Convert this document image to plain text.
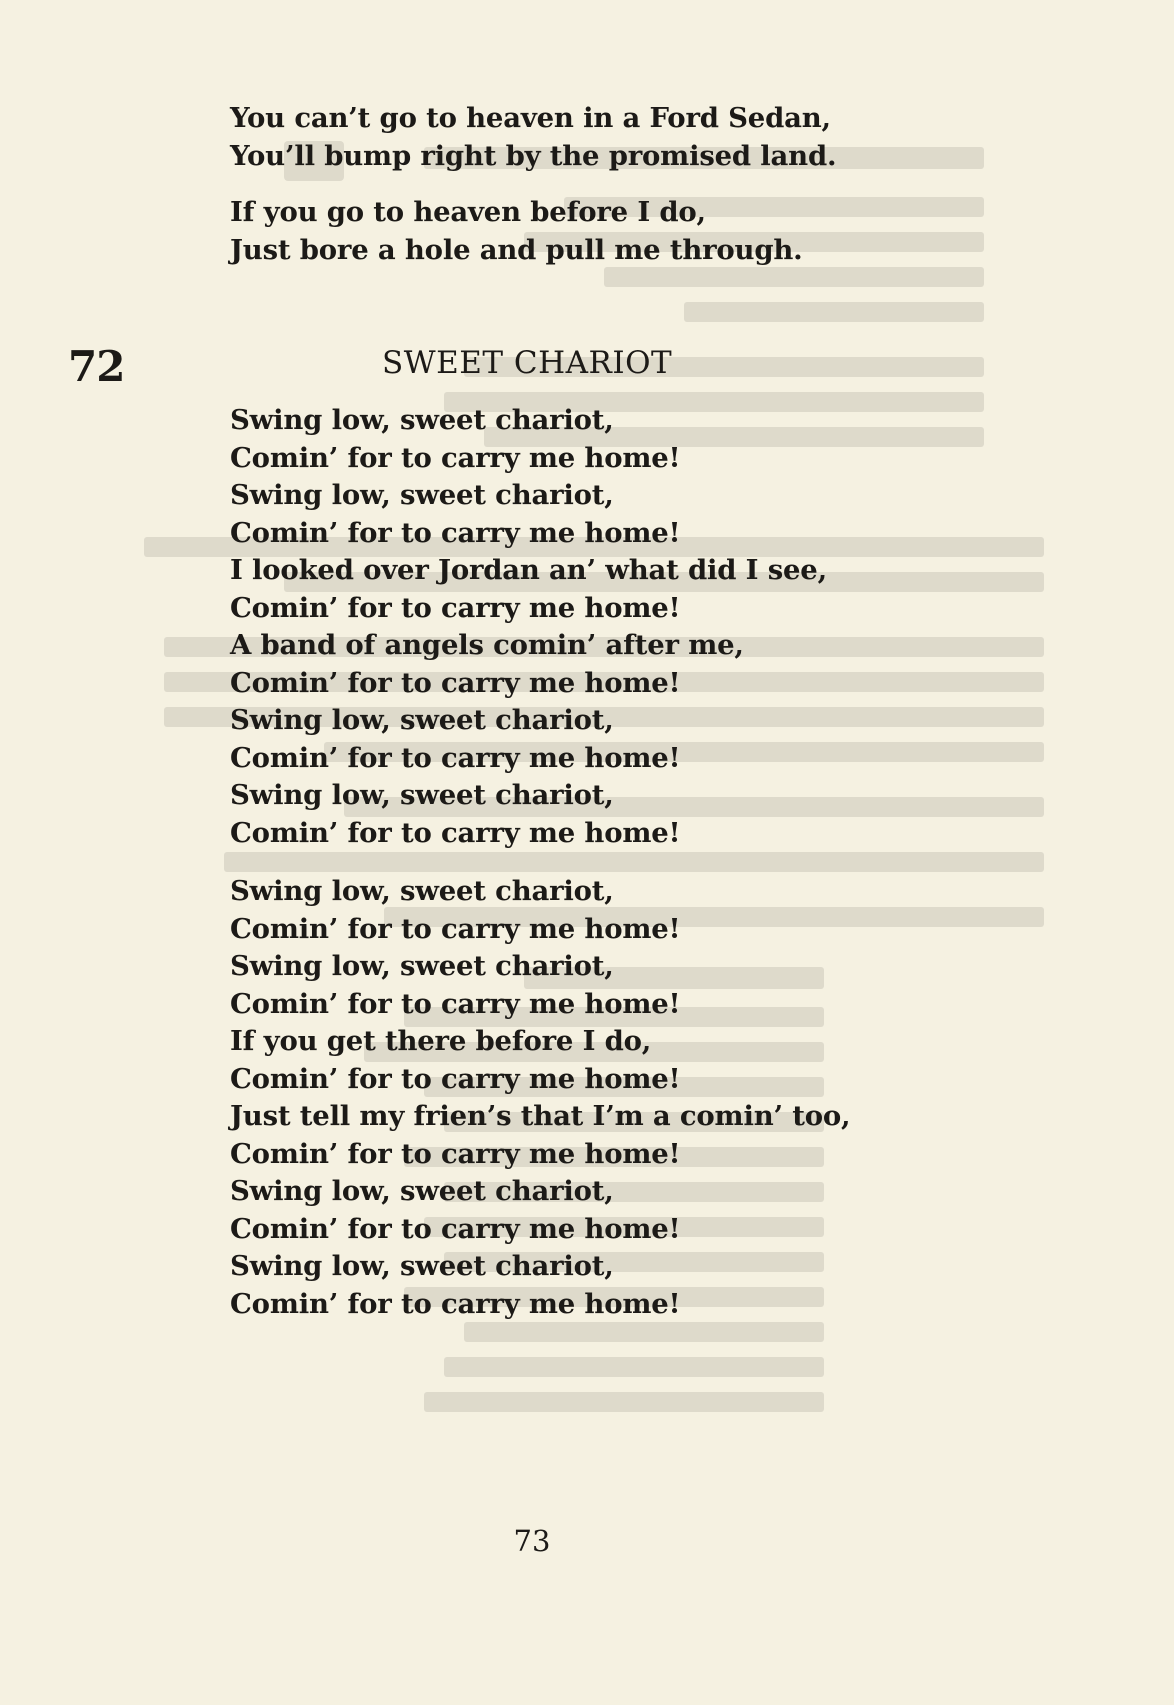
You can’t go to heaven in a Ford Sedan,
You’ll bump right by the promised land.
If you go to heaven before I do,
Just bore a hole and pull me through.
72	SWEET CHARIOT
Swing low, sweet chariot,
Comin’ for to carry me home!
Swing low, sweet chariot,
Comin’ for to carry me home!
I looked over Jordan an’ what did I see,
Comin’ for to carry me home!
A band of angels comin’ after me,
Comin’ for to carry me home!
Swing low, sweet chariot,
Comin’ for to carry me home!
Swing low, sweet chariot,
Comin’ for to carry me home!
Swing low, sweet chariot,
Comin’ for to carry me home!
Swing low, sweet chariot,
Comin’ for to carry me home!
If you get there before I do,
Comin’ for to carry me home!
Just tell my frien’s that I’m a comin’ too,
Comin’ for to carry me home!
Swing low, sweet chariot,
Comin’ for to carry me home!
Swing low, sweet chariot,
Comin’ for to carry me home!
73
